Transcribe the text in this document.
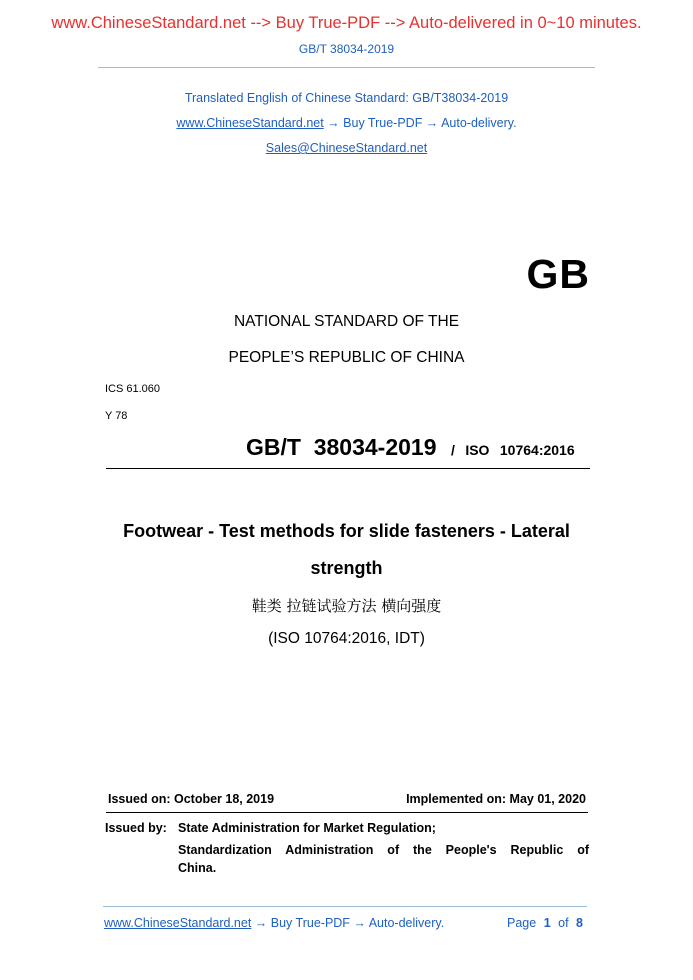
www.ChineseStandard.net --> Buy True-PDF --> Auto-delivered in 0~10 minutes.
GB/T 38034-2019
Translated English of Chinese Standard: GB/T38034-2019
www.ChineseStandard.net → Buy True-PDF → Auto-delivery.
Sales@ChineseStandard.net
GB
NATIONAL STANDARD OF THE
PEOPLE’S REPUBLIC OF CHINA
ICS 61.060
Y 78
GB/T  38034-2019 / ISO 10764:2016
Footwear - Test methods for slide fasteners - Lateral
strength
鞋类 拉链试验方法 横向强度
(ISO 10764:2016, IDT)
Issued on: October 18, 2019	Implemented on: May 01, 2020
Issued by: State Administration for Market Regulation;
Standardization Administration of the People's Republic of
China.
www.ChineseStandard.net → Buy True-PDF → Auto-delivery.	Page 1 of 8
